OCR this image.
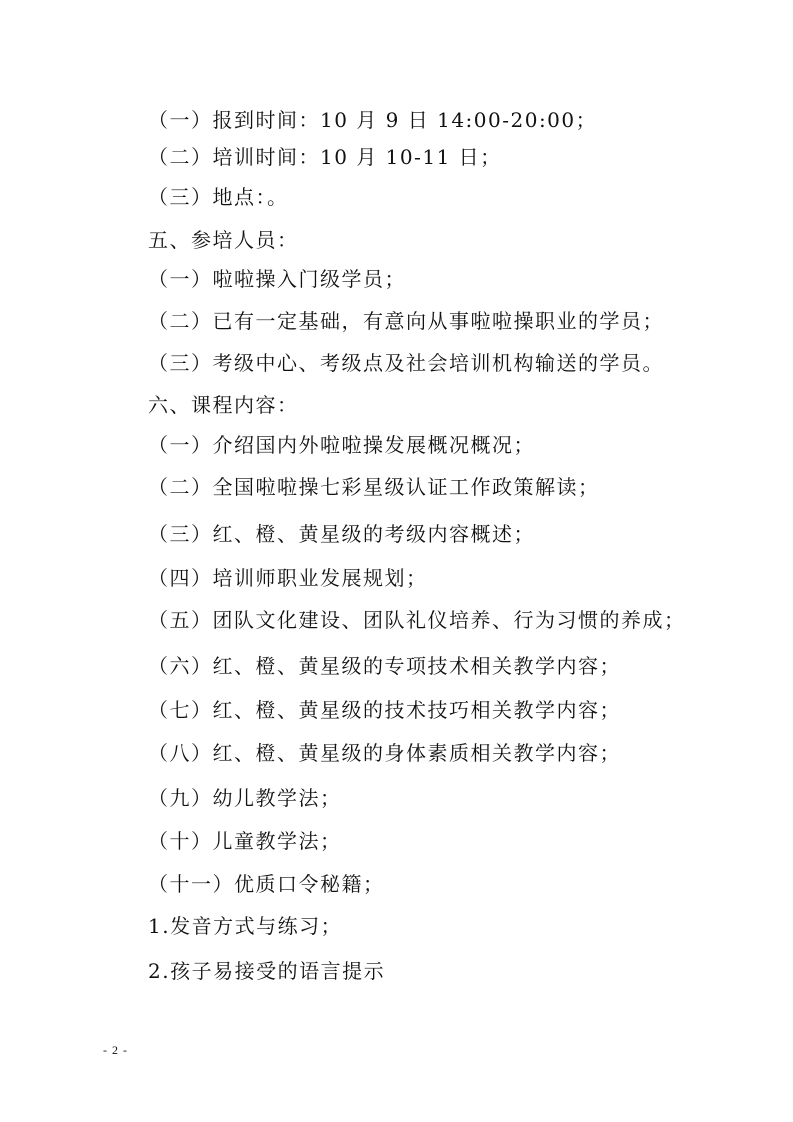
（一）报到时间：10 月 9 日 14:00-20:00；
（二）培训时间：10 月 10-11 日；
（三）地点：。
五、参培人员：
（一）啦啦操入门级学员；
（二）已有一定基础，有意向从事啦啦操职业的学员；
（三）考级中心、考级点及社会培训机构输送的学员。
六、课程内容：
（一）介绍国内外啦啦操发展概况概况；
（二）全国啦啦操七彩星级认证工作政策解读；
（三）红、橙、黄星级的考级内容概述；
（四）培训师职业发展规划；
（五）团队文化建设、团队礼仪培养、行为习惯的养成；
（六）红、橙、黄星级的专项技术相关教学内容；
（七）红、橙、黄星级的技术技巧相关教学内容；
（八）红、橙、黄星级的身体素质相关教学内容；
（九）幼儿教学法；
（十）儿童教学法；
（十一）优质口令秘籍；
1.发音方式与练习；
2.孩子易接受的语言提示
- 2 -
